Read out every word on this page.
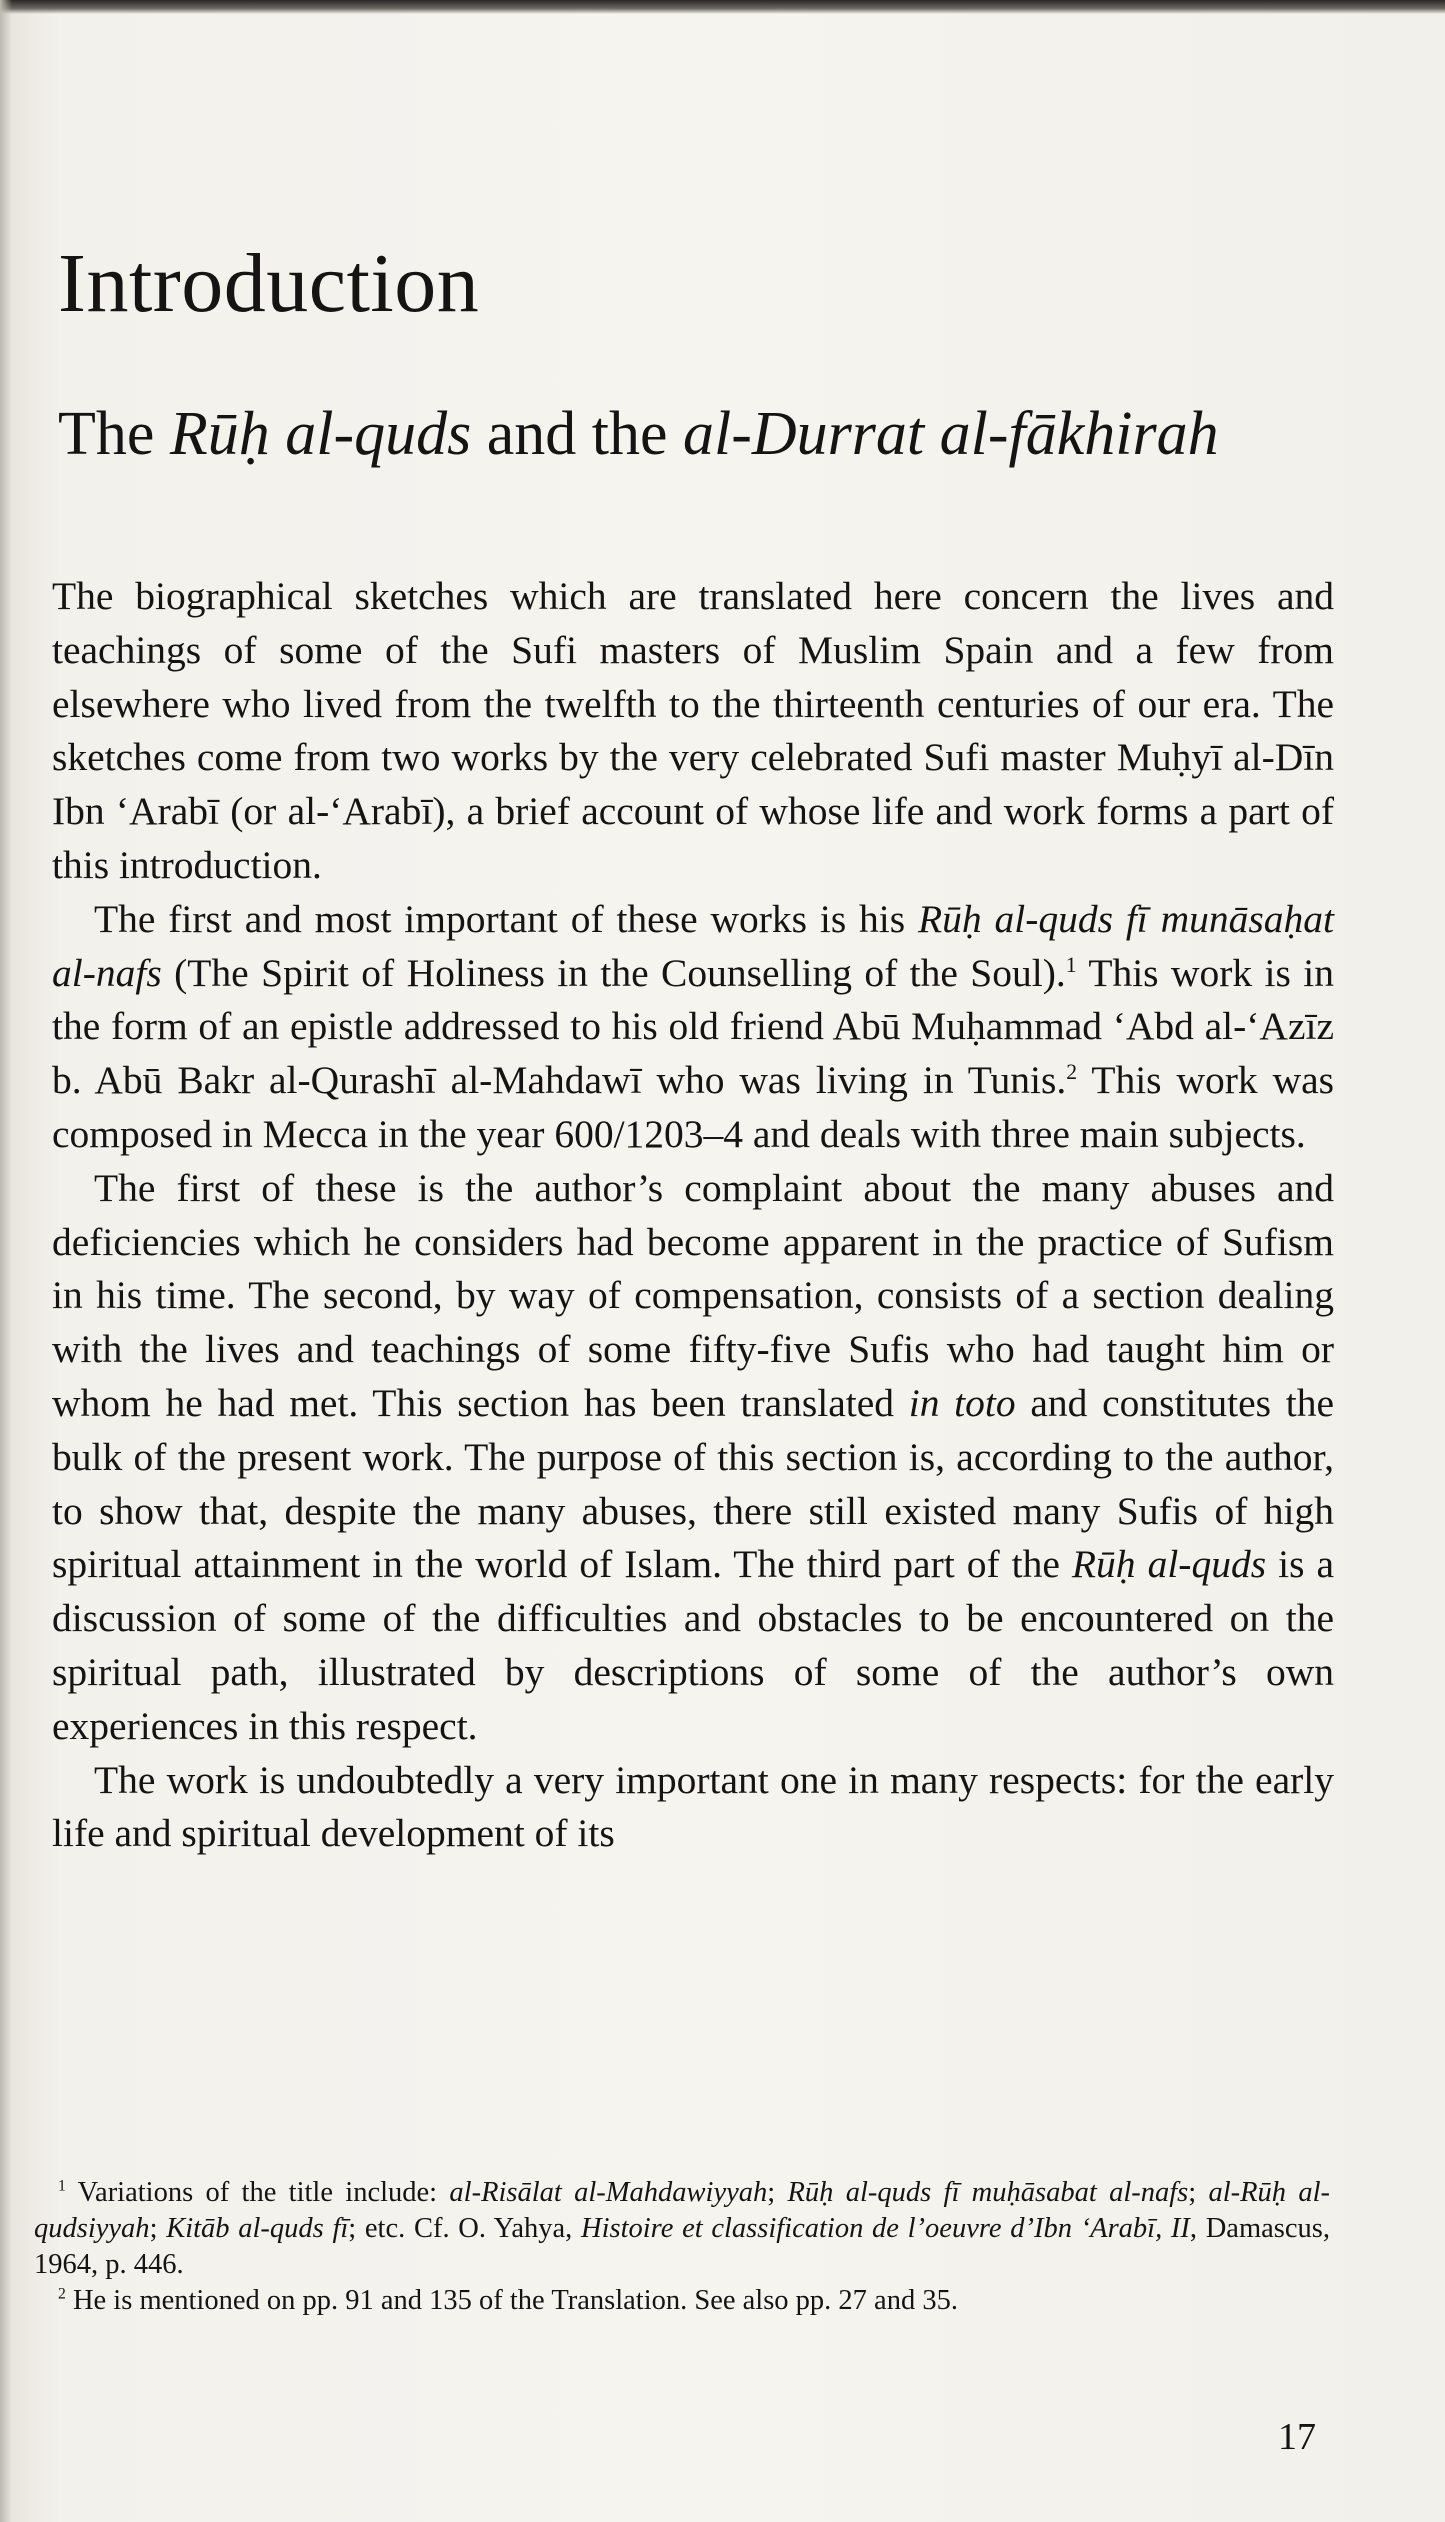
Introduction
The Rūḥ al-quds and the al-Durrat al-fākhirah

The biographical sketches which are translated here concern the lives and teachings of some of the Sufi masters of Muslim Spain and a few from elsewhere who lived from the twelfth to the thirteenth centuries of our era. The sketches come from two works by the very celebrated Sufi master Muḥyī al-Dīn Ibn ‘Arabī (or al-‘Arabī), a brief account of whose life and work forms a part of this introduction.

The first and most important of these works is his Rūḥ al-quds fī munāsaḥat al-nafs (The Spirit of Holiness in the Counselling of the Soul).$^1$ This work is in the form of an epistle addressed to his old friend Abū Muḥammad ‘Abd al-‘Azīz b. Abū Bakr al-Qurashī al-Mahdawī who was living in Tunis.$^2$ This work was composed in Mecca in the year 600/1203–4 and deals with three main subjects.

The first of these is the author’s complaint about the many abuses and deficiencies which he considers had become apparent in the practice of Sufism in his time. The second, by way of compensation, consists of a section dealing with the lives and teachings of some fifty-five Sufis who had taught him or whom he had met. This section has been translated in toto and constitutes the bulk of the present work. The purpose of this section is, according to the author, to show that, despite the many abuses, there still existed many Sufis of high spiritual attainment in the world of Islam. The third part of the Rūḥ al-quds is a discussion of some of the difficulties and obstacles to be encountered on the spiritual path, illustrated by descriptions of some of the author’s own experiences in this respect.

The work is undoubtedly a very important one in many respects: for the early life and spiritual development of its

$^1$ Variations of the title include: al-Risālat al-Mahdawiyyah; Rūḥ al-quds fī muḥāsabat al-nafs; al-Rūḥ al-qudsiyyah; Kitāb al-quds fī; etc. Cf. O. Yahya, Histoire et classification de l’oeuvre d’Ibn ‘Arabī, II, Damascus, 1964, p. 446.

$^2$ He is mentioned on pp. 91 and 135 of the Translation. See also pp. 27 and 35.

17
